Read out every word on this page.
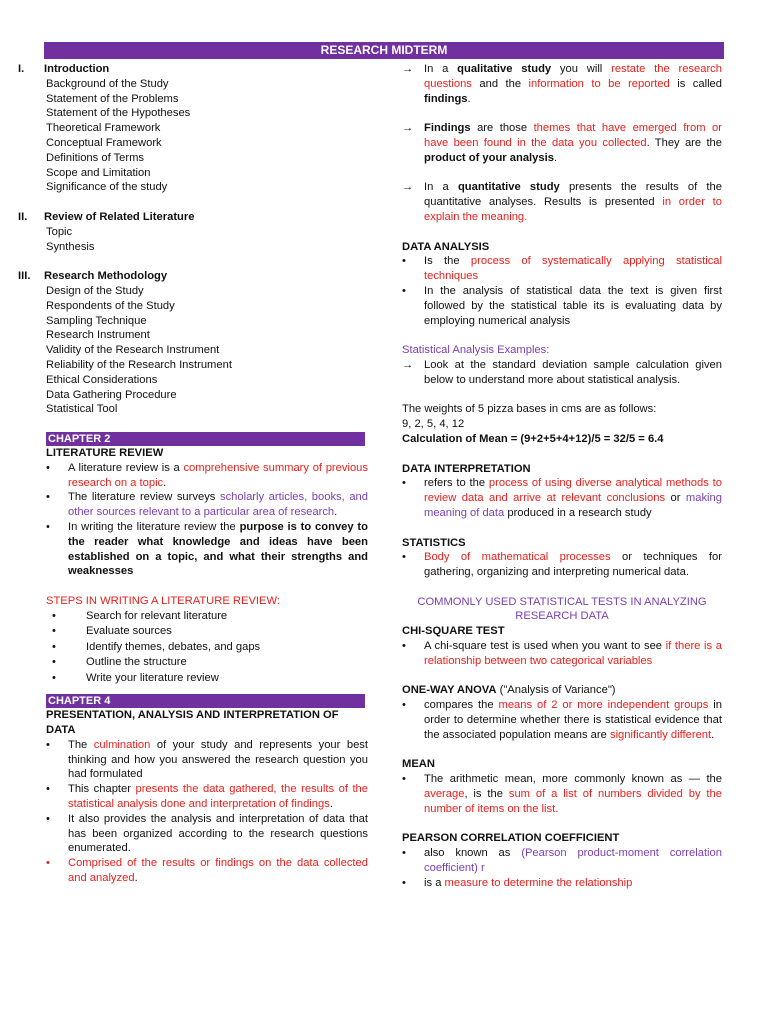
RESEARCH MIDTERM
I.	Introduction
Background of the Study
Statement of the Problems
Statement of the Hypotheses
Theoretical Framework
Conceptual Framework
Definitions of Terms
Scope and Limitation
Significance of the study
II.	Review of Related Literature
Topic
Synthesis
III.	Research Methodology
Design of the Study
Respondents of the Study
Sampling Technique
Research Instrument
Validity of the Research Instrument
Reliability of the Research Instrument
Ethical Considerations
Data Gathering Procedure
Statistical Tool
CHAPTER 2
LITERATURE REVIEW
•	A literature review is a comprehensive summary of previous research on a topic.
•	The literature review surveys scholarly articles, books, and other sources relevant to a particular area of research.
•	In writing the literature review the purpose is to convey to the reader what knowledge and ideas have been established on a topic, and what their strengths and weaknesses
STEPS IN WRITING A LITERATURE REVIEW:
•	Search for relevant literature
•	Evaluate sources
•	Identify themes, debates, and gaps
•	Outline the structure
•	Write your literature review
CHAPTER 4
PRESENTATION, ANALYSIS AND INTERPRETATION OF DATA
•	The culmination of your study and represents your best thinking and how you answered the research question you had formulated
•	This chapter presents the data gathered, the results of the statistical analysis done and interpretation of findings.
•	It also provides the analysis and interpretation of data that has been organized according to the research questions enumerated.
•	Comprised of the results or findings on the data collected and analyzed.
→ In a qualitative study you will restate the research questions and the information to be reported is called findings.
→ Findings are those themes that have emerged from or have been found in the data you collected. They are the product of your analysis.
→ In a quantitative study presents the results of the quantitative analyses. Results is presented in order to explain the meaning.
DATA ANALYSIS
•	Is the process of systematically applying statistical techniques
•	In the analysis of statistical data the text is given first followed by the statistical table its is evaluating data by employing numerical analysis
Statistical Analysis Examples:
→ Look at the standard deviation sample calculation given below to understand more about statistical analysis.
The weights of 5 pizza bases in cms are as follows:
9, 2, 5, 4, 12
Calculation of Mean = (9+2+5+4+12)/5 = 32/5 = 6.4
DATA INTERPRETATION
•	refers to the process of using diverse analytical methods to review data and arrive at relevant conclusions or making meaning of data produced in a research study
STATISTICS
•	Body of mathematical processes or techniques for gathering, organizing and interpreting numerical data.
COMMONLY USED STATISTICAL TESTS IN ANALYZING RESEARCH DATA
CHI-SQUARE TEST
•	A chi-square test is used when you want to see if there is a relationship between two categorical variables
ONE-WAY ANOVA ("Analysis of Variance")
•	compares the means of 2 or more independent groups in order to determine whether there is statistical evidence that the associated population means are significantly different.
MEAN
•	The arithmetic mean, more commonly known as — the average, is the sum of a list of numbers divided by the number of items on the list.
PEARSON CORRELATION COEFFICIENT
•	also known as (Pearson product-moment correlation coefficient) r
•	is a measure to determine the relationship
